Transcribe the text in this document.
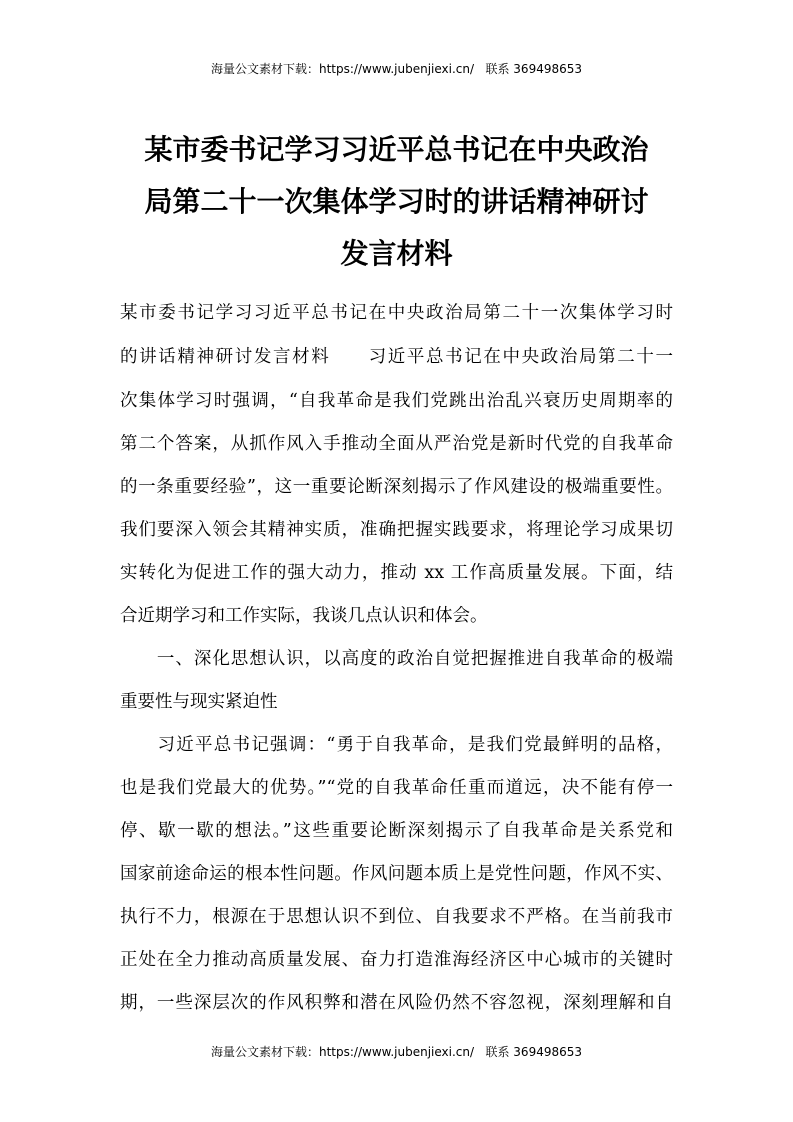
海量公文素材下载：https://www.jubenjiexi.cn/   联系 369498653
某市委书记学习习近平总书记在中央政治
局第二十一次集体学习时的讲话精神研讨
发言材料
某市委书记学习习近平总书记在中央政治局第二十一次集体学习时
的讲话精神研讨发言材料　　习近平总书记在中央政治局第二十一
次集体学习时强调，“自我革命是我们党跳出治乱兴衰历史周期率的
第二个答案，从抓作风入手推动全面从严治党是新时代党的自我革命
的一条重要经验”，这一重要论断深刻揭示了作风建设的极端重要性。
我们要深入领会其精神实质，准确把握实践要求，将理论学习成果切
实转化为促进工作的强大动力，推动 xx 工作高质量发展。下面，结
合近期学习和工作实际，我谈几点认识和体会。
　　一、深化思想认识，以高度的政治自觉把握推进自我革命的极端
重要性与现实紧迫性
　　习近平总书记强调：“勇于自我革命，是我们党最鲜明的品格，
也是我们党最大的优势。”“党的自我革命任重而道远，决不能有停一
停、歇一歇的想法。”这些重要论断深刻揭示了自我革命是关系党和
国家前途命运的根本性问题。作风问题本质上是党性问题，作风不实、
执行不力，根源在于思想认识不到位、自我要求不严格。在当前我市
正处在全力推动高质量发展、奋力打造淮海经济区中心城市的关键时
期，一些深层次的作风积弊和潜在风险仍然不容忽视，深刻理解和自
海量公文素材下载：https://www.jubenjiexi.cn/   联系 369498653
